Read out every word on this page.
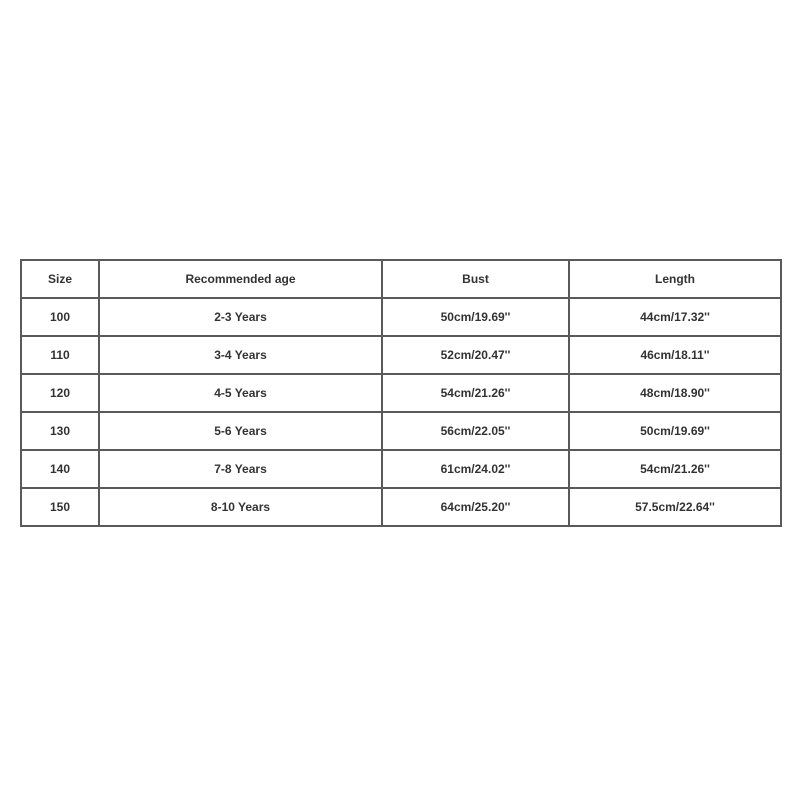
Size	Recommended age	Bust	Length
100	2-3 Years	50cm/19.69''	44cm/17.32''
110	3-4 Years	52cm/20.47''	46cm/18.11''
120	4-5 Years	54cm/21.26''	48cm/18.90''
130	5-6 Years	56cm/22.05''	50cm/19.69''
140	7-8 Years	61cm/24.02''	54cm/21.26''
150	8-10 Years	64cm/25.20''	57.5cm/22.64''
